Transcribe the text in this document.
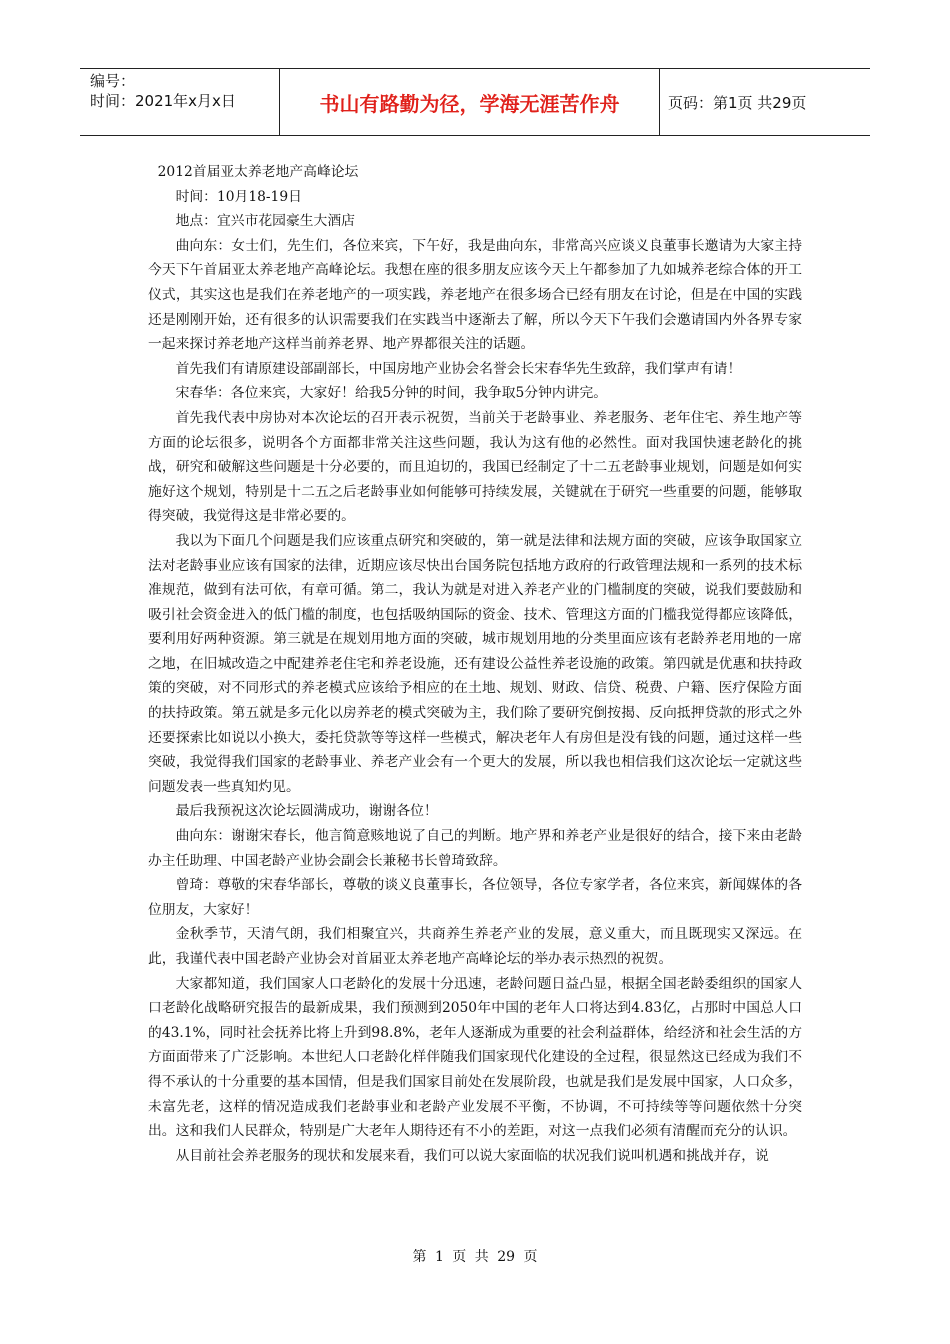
编号：
时间：2021年x月x日	书山有路勤为径，学海无涯苦作舟	页码：第1页 共29页

2012首届亚太养老地产高峰论坛

时间：10月18-19日

地点：宜兴市花园豪生大酒店

曲向东：女士们，先生们，各位来宾，下午好，我是曲向东，非常高兴应谈义良董事长邀请为大家主持今天下午首届亚太养老地产高峰论坛。我想在座的很多朋友应该今天上午都参加了九如城养老综合体的开工仪式，其实这也是我们在养老地产的一项实践，养老地产在很多场合已经有朋友在讨论，但是在中国的实践还是刚刚开始，还有很多的认识需要我们在实践当中逐渐去了解，所以今天下午我们会邀请国内外各界专家一起来探讨养老地产这样当前养老界、地产界都很关注的话题。

首先我们有请原建设部副部长，中国房地产业协会名誉会长宋春华先生致辞，我们掌声有请！

宋春华：各位来宾，大家好！给我5分钟的时间，我争取5分钟内讲完。

首先我代表中房协对本次论坛的召开表示祝贺，当前关于老龄事业、养老服务、老年住宅、养生地产等方面的论坛很多，说明各个方面都非常关注这些问题，我认为这有他的必然性。面对我国快速老龄化的挑战，研究和破解这些问题是十分必要的，而且迫切的，我国已经制定了十二五老龄事业规划，问题是如何实施好这个规划，特别是十二五之后老龄事业如何能够可持续发展，关键就在于研究一些重要的问题，能够取得突破，我觉得这是非常必要的。

我以为下面几个问题是我们应该重点研究和突破的，第一就是法律和法规方面的突破，应该争取国家立法对老龄事业应该有国家的法律，近期应该尽快出台国务院包括地方政府的行政管理法规和一系列的技术标准规范，做到有法可依，有章可循。第二，我认为就是对进入养老产业的门槛制度的突破，说我们要鼓励和吸引社会资金进入的低门槛的制度，也包括吸纳国际的资金、技术、管理这方面的门槛我觉得都应该降低，要利用好两种资源。第三就是在规划用地方面的突破，城市规划用地的分类里面应该有老龄养老用地的一席之地，在旧城改造之中配建养老住宅和养老设施，还有建设公益性养老设施的政策。第四就是优惠和扶持政策的突破，对不同形式的养老模式应该给予相应的在土地、规划、财政、信贷、税费、户籍、医疗保险方面的扶持政策。第五就是多元化以房养老的模式突破为主，我们除了要研究倒按揭、反向抵押贷款的形式之外还要探索比如说以小换大，委托贷款等等这样一些模式，解决老年人有房但是没有钱的问题，通过这样一些突破，我觉得我们国家的老龄事业、养老产业会有一个更大的发展，所以我也相信我们这次论坛一定就这些问题发表一些真知灼见。

最后我预祝这次论坛圆满成功，谢谢各位！

曲向东：谢谢宋春长，他言简意赅地说了自己的判断。地产界和养老产业是很好的结合，接下来由老龄办主任助理、中国老龄产业协会副会长兼秘书长曾琦致辞。

曾琦：尊敬的宋春华部长，尊敬的谈义良董事长，各位领导，各位专家学者，各位来宾，新闻媒体的各位朋友，大家好！

金秋季节，天清气朗，我们相聚宜兴，共商养生养老产业的发展，意义重大，而且既现实又深远。在此，我谨代表中国老龄产业协会对首届亚太养老地产高峰论坛的举办表示热烈的祝贺。

大家都知道，我们国家人口老龄化的发展十分迅速，老龄问题日益凸显，根据全国老龄委组织的国家人口老龄化战略研究报告的最新成果，我们预测到2050年中国的老年人口将达到4.83亿，占那时中国总人口的43.1%，同时社会抚养比将上升到98.8%，老年人逐渐成为重要的社会利益群体，给经济和社会生活的方方面面带来了广泛影响。本世纪人口老龄化样伴随我们国家现代化建设的全过程，很显然这已经成为我们不得不承认的十分重要的基本国情，但是我们国家目前处在发展阶段，也就是我们是发展中国家，人口众多，未富先老，这样的情况造成我们老龄事业和老龄产业发展不平衡，不协调，不可持续等等问题依然十分突出。这和我们人民群众，特别是广大老年人期待还有不小的差距，对这一点我们必须有清醒而充分的认识。

从目前社会养老服务的现状和发展来看，我们可以说大家面临的状况我们说叫机遇和挑战并存，说

第 1 页 共 29 页
